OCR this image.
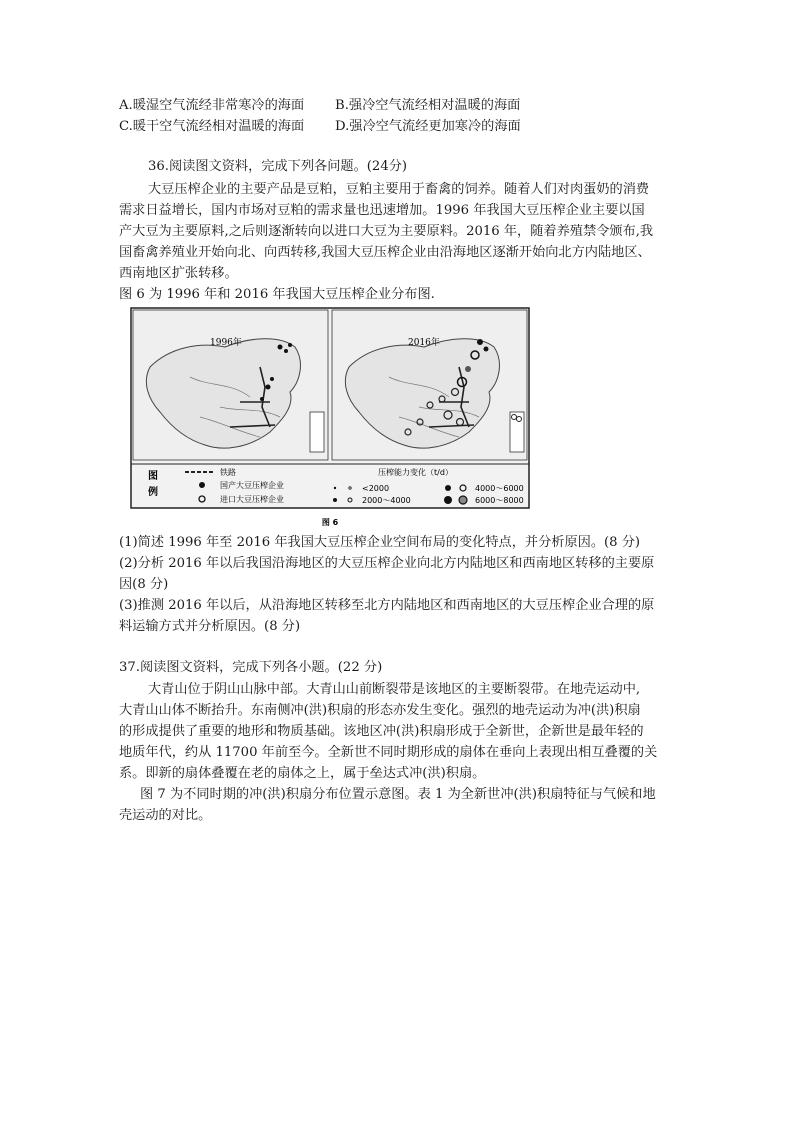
A.暖湿空气流经非常寒冷的海面 B.强冷空气流经相对温暖的海面
C.暖干空气流经相对温暖的海面 D.强冷空气流经更加寒冷的海面
36.阅读图文资料，完成下列各问题。(24分)
大豆压榨企业的主要产品是豆粕，豆粕主要用于畜禽的饲养。随着人们对肉蛋奶的消费
需求日益增长，国内市场对豆粕的需求量也迅速增加。1996 年我国大豆压榨企业主要以国
产大豆为主要原料,之后则逐渐转向以进口大豆为主要原料。2016 年，随着养殖禁令颁布,我
国畜禽养殖业开始向北、向西转移,我国大豆压榨企业由沿海地区逐渐开始向北方内陆地区、
西南地区扩张转移。
图 6 为 1996 年和 2016 年我国大豆压榨企业分布图.
1996年	2016年
图
例
铁路
国产大豆压榨企业
进口大豆压榨企业
压榨能力变化（t/d）
<2000
2000～4000
4000～6000
6000～8000
图 6
(1)简述 1996 年至 2016 年我国大豆压榨企业空间布局的变化特点，并分析原因。(8 分)
(2)分析 2016 年以后我国沿海地区的大豆压榨企业向北方内陆地区和西南地区转移的主要原
因(8 分)
(3)推测 2016 年以后，从沿海地区转移至北方内陆地区和西南地区的大豆压榨企业合理的原
料运输方式并分析原因。(8 分)
37.阅读图文资料，完成下列各小题。(22 分)
大青山位于阴山山脉中部。大青山山前断裂带是该地区的主要断裂带。在地壳运动中,
大青山山体不断抬升。东南侧冲(洪)积扇的形态亦发生变化。强烈的地壳运动为冲(洪)积扇
的形成提供了重要的地形和物质基础。该地区冲(洪)积扇形成于全新世，企新世是最年轻的
地质年代，约从 11700 年前至今。全新世不同时期形成的扇体在垂向上表现出相互叠覆的关
系。即新的扇体叠覆在老的扇体之上，属于垒达式冲(洪)积扇。
图 7 为不同时期的冲(洪)积扇分布位置示意图。表 1 为全新世冲(洪)积扇特征与气候和地
壳运动的对比。
